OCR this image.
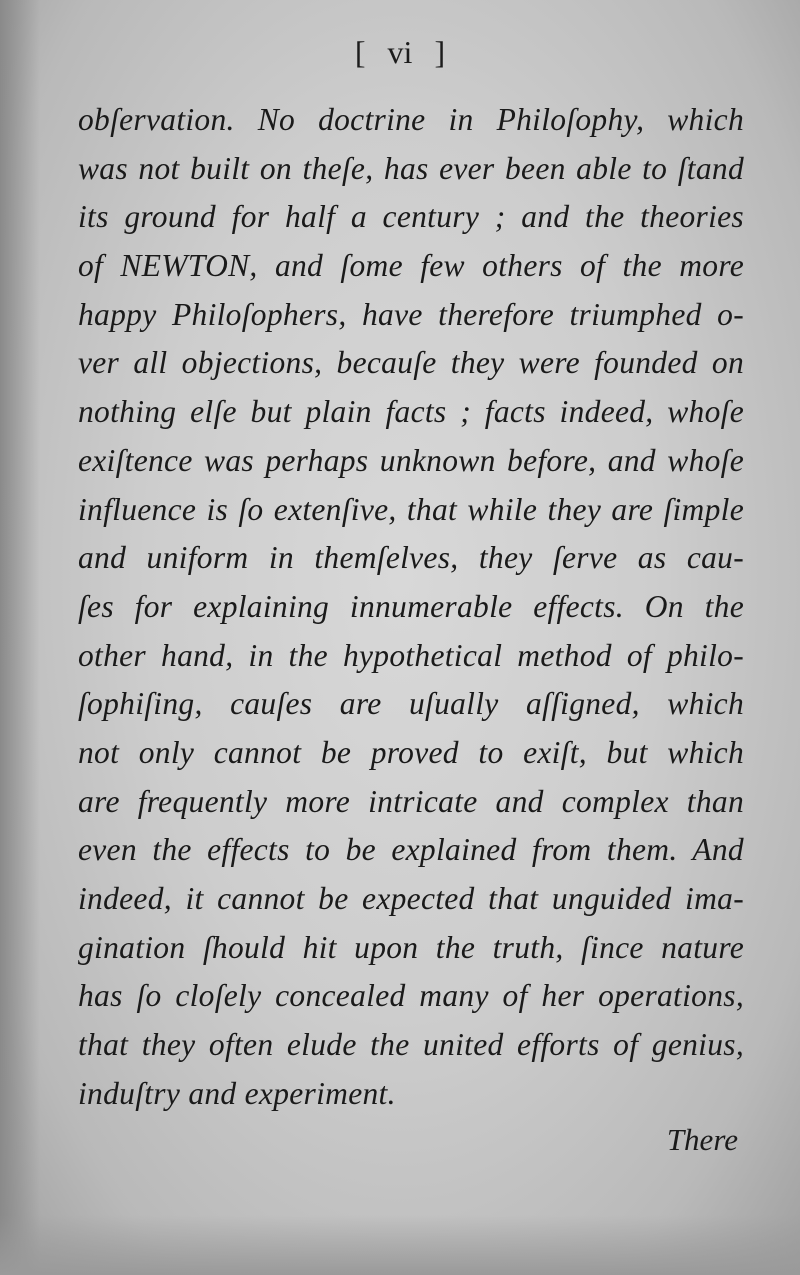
[ vi ]
obſervation. No doctrine in Philoſophy, which
was not built on theſe, has ever been able to ſtand
its ground for half a century ; and the theories
of NEWTON, and ſome few others of the more
happy Philoſophers, have therefore triumphed o-
ver all objections, becauſe they were founded on
nothing elſe but plain facts ; facts indeed, whoſe
exiſtence was perhaps unknown before, and whoſe
influence is ſo extenſive, that while they are ſimple
and uniform in themſelves, they ſerve as cau-
ſes for explaining innumerable effects. On the
other hand, in the hypothetical method of philo-
ſophiſing, cauſes are uſually aſſigned, which
not only cannot be proved to exiſt, but which
are frequently more intricate and complex than
even the effects to be explained from them. And
indeed, it cannot be expected that unguided ima-
gination ſhould hit upon the truth, ſince nature
has ſo cloſely concealed many of her operations,
that they often elude the united efforts of genius,
induſtry and experiment.
There
